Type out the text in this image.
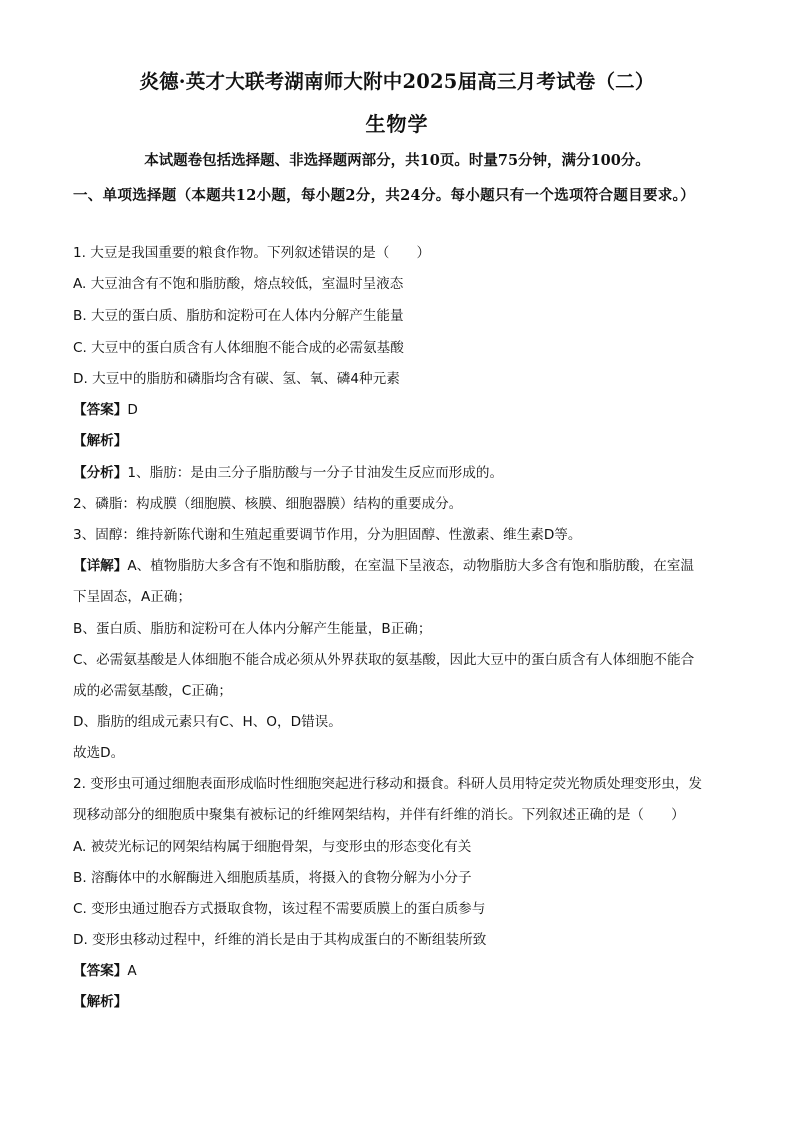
炎德·英才大联考湖南师大附中2025届高三月考试卷（二）
生物学
本试题卷包括选择题、非选择题两部分，共10页。时量75分钟，满分100分。
一、单项选择题（本题共12小题，每小题2分，共24分。每小题只有一个选项符合题目要求。）
1. 大豆是我国重要的粮食作物。下列叙述错误的是（　　）
A. 大豆油含有不饱和脂肪酸，熔点较低，室温时呈液态
B. 大豆的蛋白质、脂肪和淀粉可在人体内分解产生能量
C. 大豆中的蛋白质含有人体细胞不能合成的必需氨基酸
D. 大豆中的脂肪和磷脂均含有碳、氢、氧、磷4种元素
【答案】D
【解析】
【分析】1、脂肪：是由三分子脂肪酸与一分子甘油发生反应而形成的。
2、磷脂：构成膜（细胞膜、核膜、细胞器膜）结构的重要成分。
3、固醇：维持新陈代谢和生殖起重要调节作用，分为胆固醇、性激素、维生素D等。
【详解】A、植物脂肪大多含有不饱和脂肪酸，在室温下呈液态，动物脂肪大多含有饱和脂肪酸，在室温
下呈固态，A正确；
B、蛋白质、脂肪和淀粉可在人体内分解产生能量，B正确；
C、必需氨基酸是人体细胞不能合成必须从外界获取的氨基酸，因此大豆中的蛋白质含有人体细胞不能合
成的必需氨基酸，C正确；
D、脂肪的组成元素只有C、H、O，D错误。
故选D。
2. 变形虫可通过细胞表面形成临时性细胞突起进行移动和摄食。科研人员用特定荧光物质处理变形虫，发
现移动部分的细胞质中聚集有被标记的纤维网架结构，并伴有纤维的消长。下列叙述正确的是（　　）
A. 被荧光标记的网架结构属于细胞骨架，与变形虫的形态变化有关
B. 溶酶体中的水解酶进入细胞质基质，将摄入的食物分解为小分子
C. 变形虫通过胞吞方式摄取食物，该过程不需要质膜上的蛋白质参与
D. 变形虫移动过程中，纤维的消长是由于其构成蛋白的不断组装所致
【答案】A
【解析】
